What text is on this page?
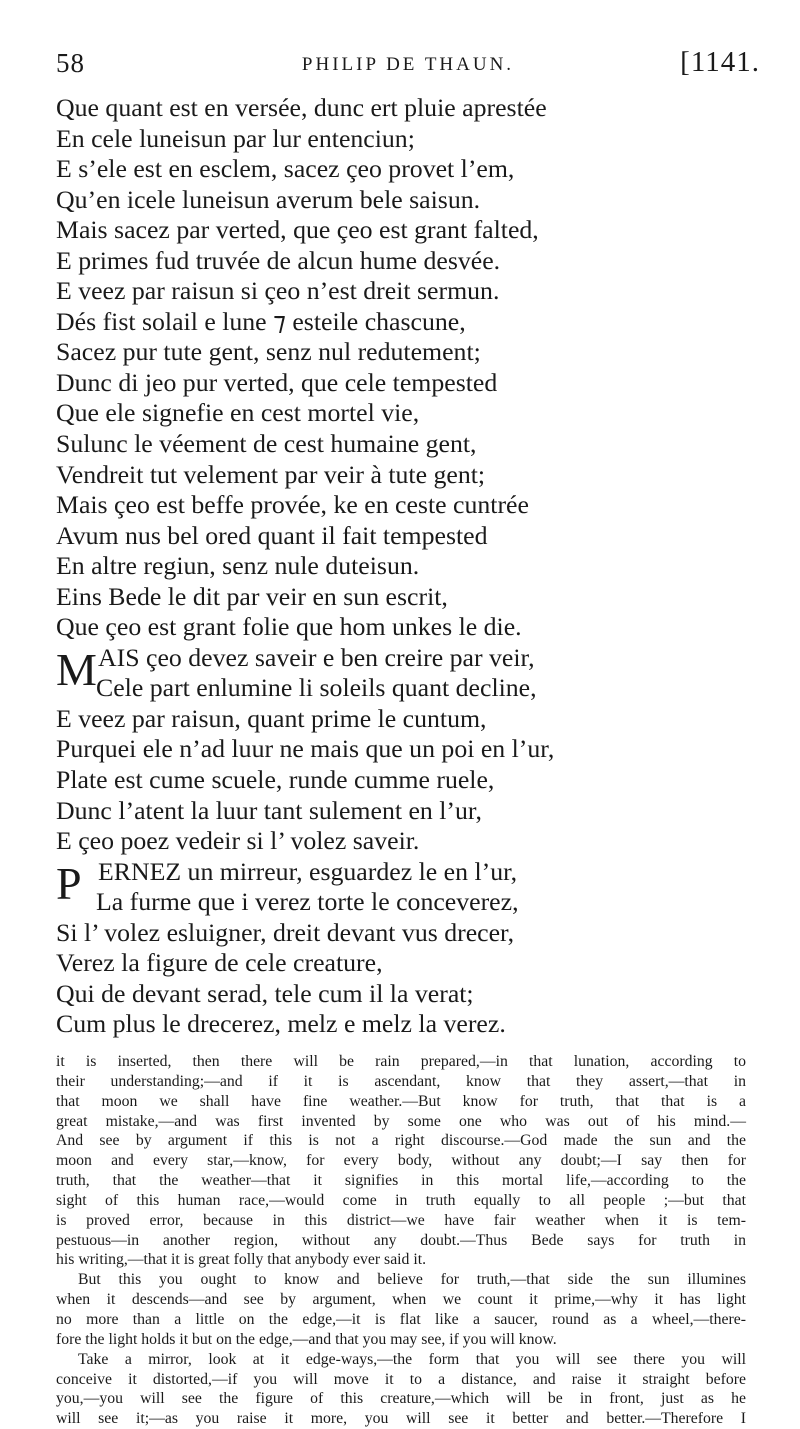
58	PHILIP DE THAUN.	[1141.
Que quant est en versée, dunc ert pluie aprestée
En cele luneisun par lur entenciun;
E s’ele est en esclem, sacez çeo provet l’em,
Qu’en icele luneisun averum bele saisun.
Mais sacez par verted, que çeo est grant falted,
E primes fud truvée de alcun hume desvée.
E veez par raisun si çeo n’est dreit sermun.
Dés fist solail e lune ⁊ esteile chascune,
Sacez pur tute gent, senz nul redutement;
Dunc di jeo pur verted, que cele tempested
Que ele signefie en cest mortel vie,
Sulunc le véement de cest humaine gent,
Vendreit tut velement par veir à tute gent;
Mais çeo est beffe provée, ke en ceste cuntrée
Avum nus bel ored quant il fait tempested
En altre regiun, senz nule duteisun.
Eins Bede le dit par veir en sun escrit,
Que çeo est grant folie que hom unkes le die.
M AIS çeo devez saveir e ben creire par veir,
Cele part enlumine li soleils quant decline,
E veez par raisun, quant prime le cuntum,
Purquei ele n’ad luur ne mais que un poi en l’ur,
Plate est cume scuele, runde cumme ruele,
Dunc l’atent la luur tant sulement en l’ur,
E çeo poez vedeir si l’ volez saveir.
P ERNEZ un mirreur, esguardez le en l’ur,
La furme que i verez torte le conceverez,
Si l’ volez esluigner, dreit devant vus drecer,
Verez la figure de cele creature,
Qui de devant serad, tele cum il la verat;
Cum plus le drecerez, melz e melz la verez.
it is inserted, then there will be rain prepared,—in that lunation, according to
their understanding;—and if it is ascendant, know that they assert,—that in
that moon we shall have fine weather.—But know for truth, that that is a
great mistake,—and was first invented by some one who was out of his mind.—
And see by argument if this is not a right discourse.—God made the sun and the
moon and every star,—know, for every body, without any doubt;—I say then for
truth, that the weather—that it signifies in this mortal life,—according to the
sight of this human race,—would come in truth equally to all people ;—but that
is proved error, because in this district—we have fair weather when it is tem-
pestuous—in another region, without any doubt.—Thus Bede says for truth in
his writing,—that it is great folly that anybody ever said it.
But this you ought to know and believe for truth,—that side the sun illumines
when it descends—and see by argument, when we count it prime,—why it has light
no more than a little on the edge,—it is flat like a saucer, round as a wheel,—there-
fore the light holds it but on the edge,—and that you may see, if you will know.
Take a mirror, look at it edge-ways,—the form that you will see there you will
conceive it distorted,—if you will move it to a distance, and raise it straight before
you,—you will see the figure of this creature,—which will be in front, just as he
will see it;—as you raise it more, you will see it better and better.—Therefore I
